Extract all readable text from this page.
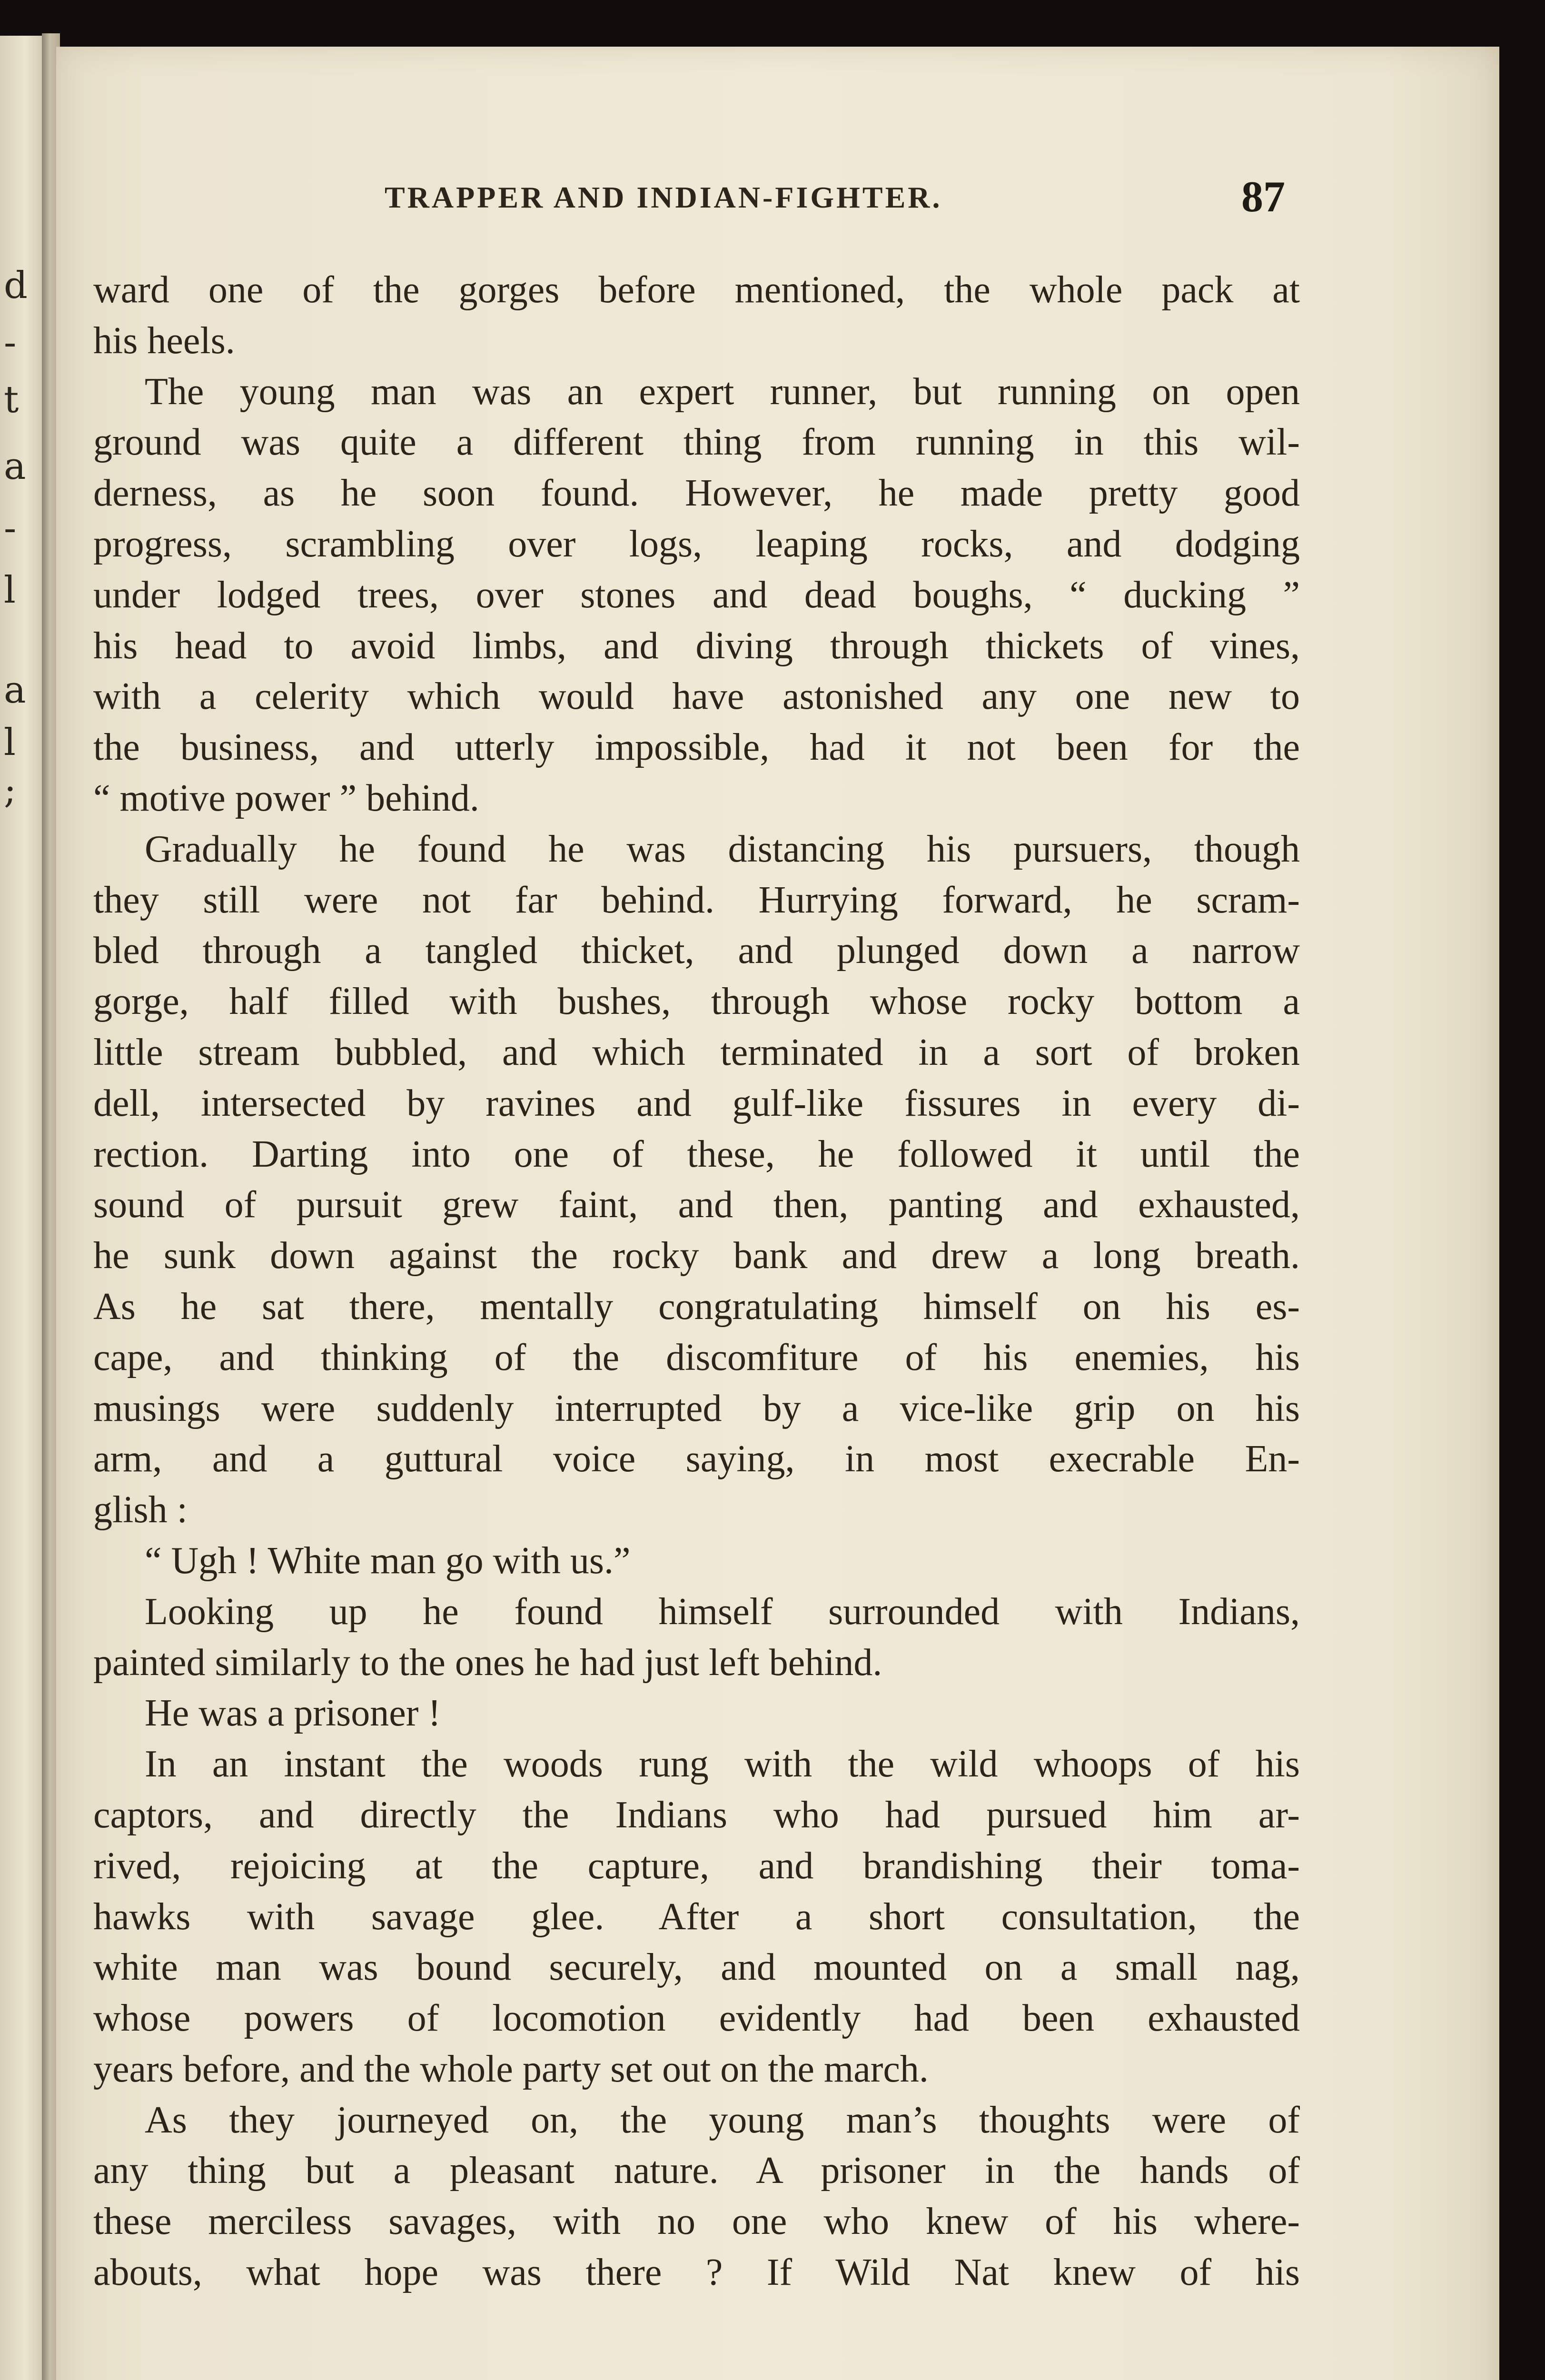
d
-
t
a
-
l
a
l
;
TRAPPER AND INDIAN-FIGHTER.	87
ward one of the gorges before mentioned, the whole pack at
his heels.
The young man was an expert runner, but running on open
ground was quite a different thing from running in this wil-
derness, as he soon found. However, he made pretty good
progress, scrambling over logs, leaping rocks, and dodging
under lodged trees, over stones and dead boughs, “ ducking ”
his head to avoid limbs, and diving through thickets of vines,
with a celerity which would have astonished any one new to
the business, and utterly impossible, had it not been for the
“ motive power ” behind.
Gradually he found he was distancing his pursuers, though
they still were not far behind. Hurrying forward, he scram-
bled through a tangled thicket, and plunged down a narrow
gorge, half filled with bushes, through whose rocky bottom a
little stream bubbled, and which terminated in a sort of broken
dell, intersected by ravines and gulf-like fissures in every di-
rection. Darting into one of these, he followed it until the
sound of pursuit grew faint, and then, panting and exhausted,
he sunk down against the rocky bank and drew a long breath.
As he sat there, mentally congratulating himself on his es-
cape, and thinking of the discomfiture of his enemies, his
musings were suddenly interrupted by a vice-like grip on his
arm, and a guttural voice saying, in most execrable En-
glish :
“ Ugh ! White man go with us.”
Looking up he found himself surrounded with Indians,
painted similarly to the ones he had just left behind.
He was a prisoner !
In an instant the woods rung with the wild whoops of his
captors, and directly the Indians who had pursued him ar-
rived, rejoicing at the capture, and brandishing their toma-
hawks with savage glee. After a short consultation, the
white man was bound securely, and mounted on a small nag,
whose powers of locomotion evidently had been exhausted
years before, and the whole party set out on the march.
As they journeyed on, the young man’s thoughts were of
any thing but a pleasant nature. A prisoner in the hands of
these merciless savages, with no one who knew of his where-
abouts, what hope was there ? If Wild Nat knew of his
